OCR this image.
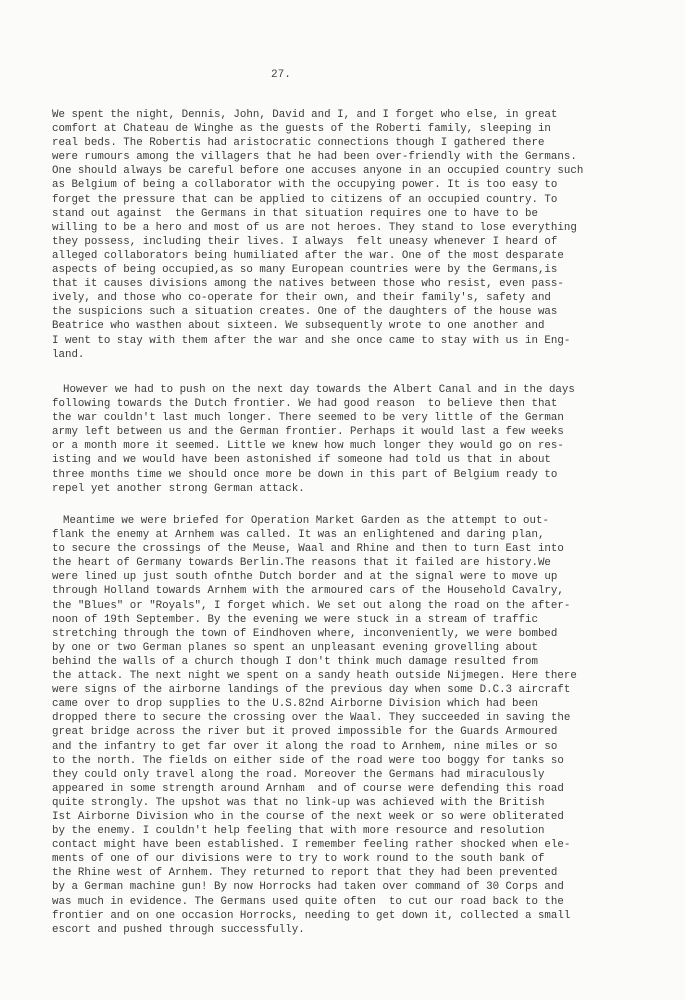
27.
We spent the night, Dennis, John, David and I, and I forget who else, in great
comfort at Chateau de Winghe as the guests of the Roberti family, sleeping in
real beds. The Robertis had aristocratic connections though I gathered there
were rumours among the villagers that he had been over-friendly with the Germans.
One should always be careful before one accuses anyone in an occupied country such
as Belgium of being a collaborator with the occupying power. It is too easy to
forget the pressure that can be applied to citizens of an occupied country. To
stand out against  the Germans in that situation requires one to have to be
willing to be a hero and most of us are not heroes. They stand to lose everything
they possess, including their lives. I always  felt uneasy whenever I heard of
alleged collaborators being humiliated after the war. One of the most desparate
aspects of being occupied,as so many European countries were by the Germans,is
that it causes divisions among the natives between those who resist, even pass-
ively, and those who co-operate for their own, and their family's, safety and
the suspicions such a situation creates. One of the daughters of the house was
Beatrice who wasthen about sixteen. We subsequently wrote to one another and
I went to stay with them after the war and she once came to stay with us in Eng-
land.
However we had to push on the next day towards the Albert Canal and in the days
following towards the Dutch frontier. We had good reason  to believe then that
the war couldn't last much longer. There seemed to be very little of the German
army left between us and the German frontier. Perhaps it would last a few weeks
or a month more it seemed. Little we knew how much longer they would go on res-
isting and we would have been astonished if someone had told us that in about
three months time we should once more be down in this part of Belgium ready to
repel yet another strong German attack.
Meantime we were briefed for Operation Market Garden as the attempt to out-
flank the enemy at Arnhem was called. It was an enlightened and daring plan,
to secure the crossings of the Meuse, Waal and Rhine and then to turn East into
the heart of Germany towards Berlin.The reasons that it failed are history.We
were lined up just south ofnthe Dutch border and at the signal were to move up
through Holland towards Arnhem with the armoured cars of the Household Cavalry,
the "Blues" or "Royals", I forget which. We set out along the road on the after-
noon of 19th September. By the evening we were stuck in a stream of traffic
stretching through the town of Eindhoven where, inconveniently, we were bombed
by one or two German planes so spent an unpleasant evening grovelling about
behind the walls of a church though I don't think much damage resulted from
the attack. The next night we spent on a sandy heath outside Nijmegen. Here there
were signs of the airborne landings of the previous day when some D.C.3 aircraft
came over to drop supplies to the U.S.82nd Airborne Division which had been
dropped there to secure the crossing over the Waal. They succeeded in saving the
great bridge across the river but it proved impossible for the Guards Armoured
and the infantry to get far over it along the road to Arnhem, nine miles or so
to the north. The fields on either side of the road were too boggy for tanks so
they could only travel along the road. Moreover the Germans had miraculously
appeared in some strength around Arnham  and of course were defending this road
quite strongly. The upshot was that no link-up was achieved with the British
Ist Airborne Division who in the course of the next week or so were obliterated
by the enemy. I couldn't help feeling that with more resource and resolution
contact might have been established. I remember feeling rather shocked when ele-
ments of one of our divisions were to try to work round to the south bank of
the Rhine west of Arnhem. They returned to report that they had been prevented
by a German machine gun! By now Horrocks had taken over command of 30 Corps and
was much in evidence. The Germans used quite often  to cut our road back to the
frontier and on one occasion Horrocks, needing to get down it, collected a small
escort and pushed through successfully.
